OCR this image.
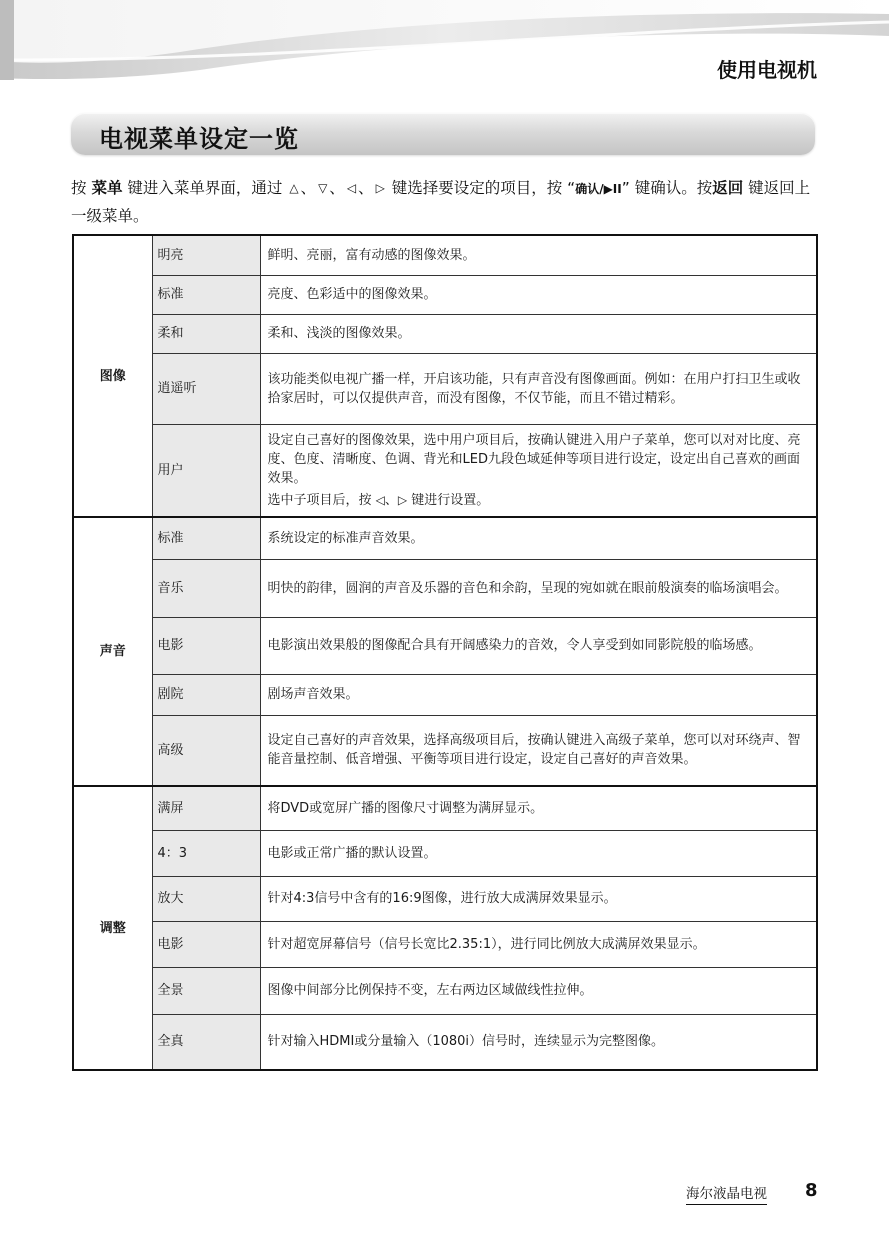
使用电视机
电视菜单设定一览
按 菜单 键进入菜单界面，通过 △ 、 ▽ 、 ◁ 、 ▷ 键选择要设定的项目，按 “确认/▶II” 键确认。按返回 键返回上一级菜单。
图像	明亮	鲜明、亮丽，富有动感的图像效果。
	标准	亮度、色彩适中的图像效果。
	柔和	柔和、浅淡的图像效果。
	逍遥听	该功能类似电视广播一样，开启该功能，只有声音没有图像画面。例如：在用户打扫卫生或收拾家居时，可以仅提供声音，而没有图像，不仅节能，而且不错过精彩。
	用户	设定自己喜好的图像效果，选中用户项目后，按确认键进入用户子菜单，您可以对对比度、亮度、色度、清晰度、色调、背光和LED九段色域延伸等项目进行设定，设定出自己喜欢的画面效果。
选中子项目后，按 ◁、▷ 键进行设置。

声音	标准	系统设定的标准声音效果。
	音乐	明快的韵律，圆润的声音及乐器的音色和余韵，呈现的宛如就在眼前般演奏的临场演唱会。
	电影	电影演出效果般的图像配合具有开阔感染力的音效，令人享受到如同影院般的临场感。
	剧院	剧场声音效果。
	高级	设定自己喜好的声音效果，选择高级项目后，按确认键进入高级子菜单，您可以对环绕声、智能音量控制、低音增强、平衡等项目进行设定，设定自己喜好的声音效果。
调整	满屏	将DVD或宽屏广播的图像尺寸调整为满屏显示。
	4：3	电影或正常广播的默认设置。
	放大	针对4:3信号中含有的16:9图像，进行放大成满屏效果显示。
	电影	针对超宽屏幕信号（信号长宽比2.35:1），进行同比例放大成满屏效果显示。
	全景	图像中间部分比例保持不变，左右两边区域做线性拉伸。
	全真	针对输入HDMI或分量输入（1080i）信号时，连续显示为完整图像。
海尔液晶电视 8
